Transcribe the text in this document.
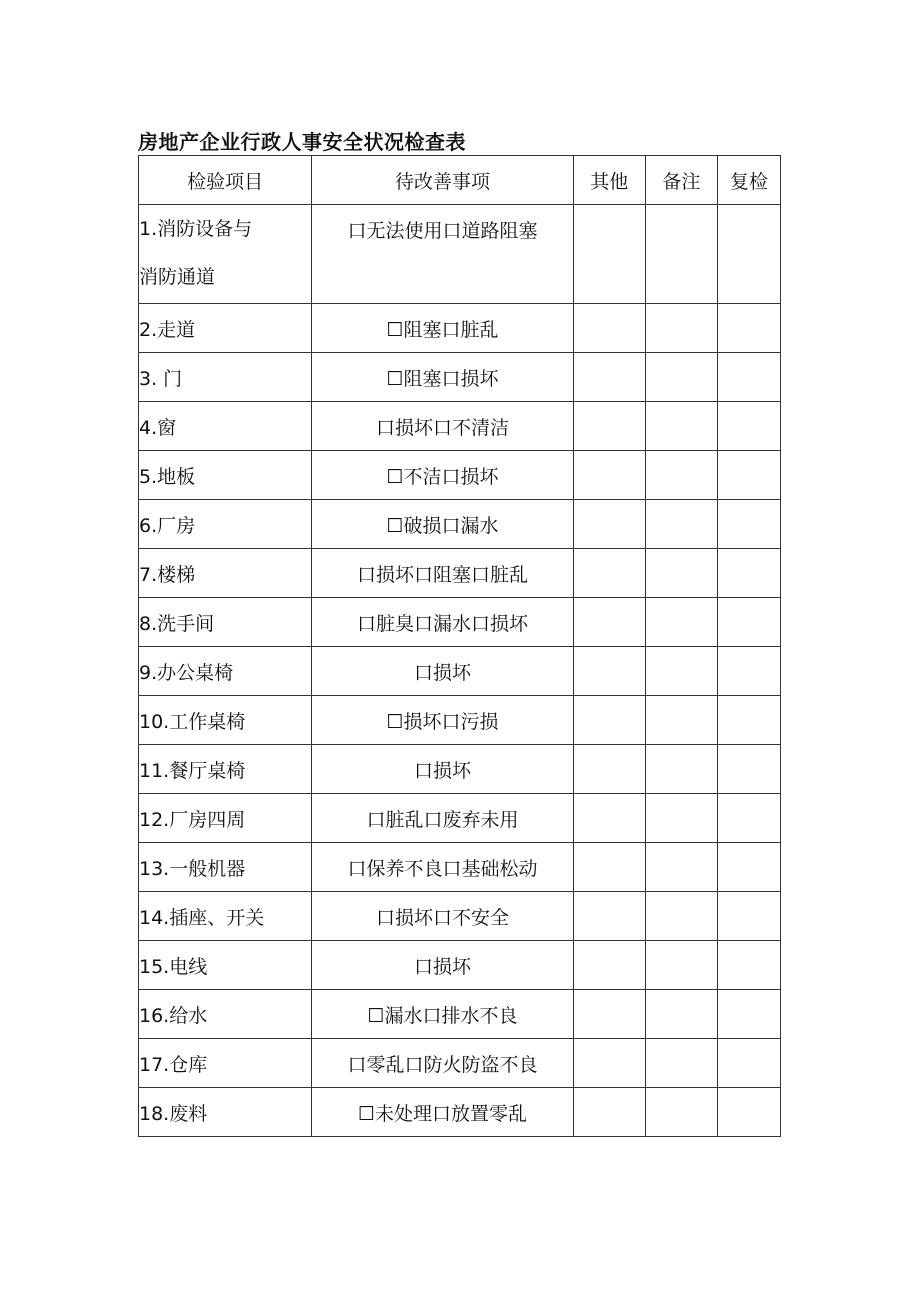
房地产企业行政人事安全状况检查表
检验项目	待改善事项	其他	备注	复检
1.消防设备与
消防通道	口无法使用口道路阻塞			
2.走道	☐阻塞口脏乱			
3. 门	☐阻塞口损坏			
4.窗	口损坏口不清洁			
5.地板	☐不洁口损坏			
6.厂房	☐破损口漏水			
7.楼梯	口损坏口阻塞口脏乱			
8.洗手间	口脏臭口漏水口损坏			
9.办公桌椅	口损坏			
10.工作桌椅	☐损坏口污损			
11.餐厅桌椅	口损坏			
12.厂房四周	口脏乱口废弃未用			
13.一般机器	口保养不良口基础松动			
14.插座、开关	口损坏口不安全			
15.电线	口损坏			
16.给水	☐漏水口排水不良			
17.仓库	口零乱口防火防盗不良			
18.废料	☐未处理口放置零乱			
